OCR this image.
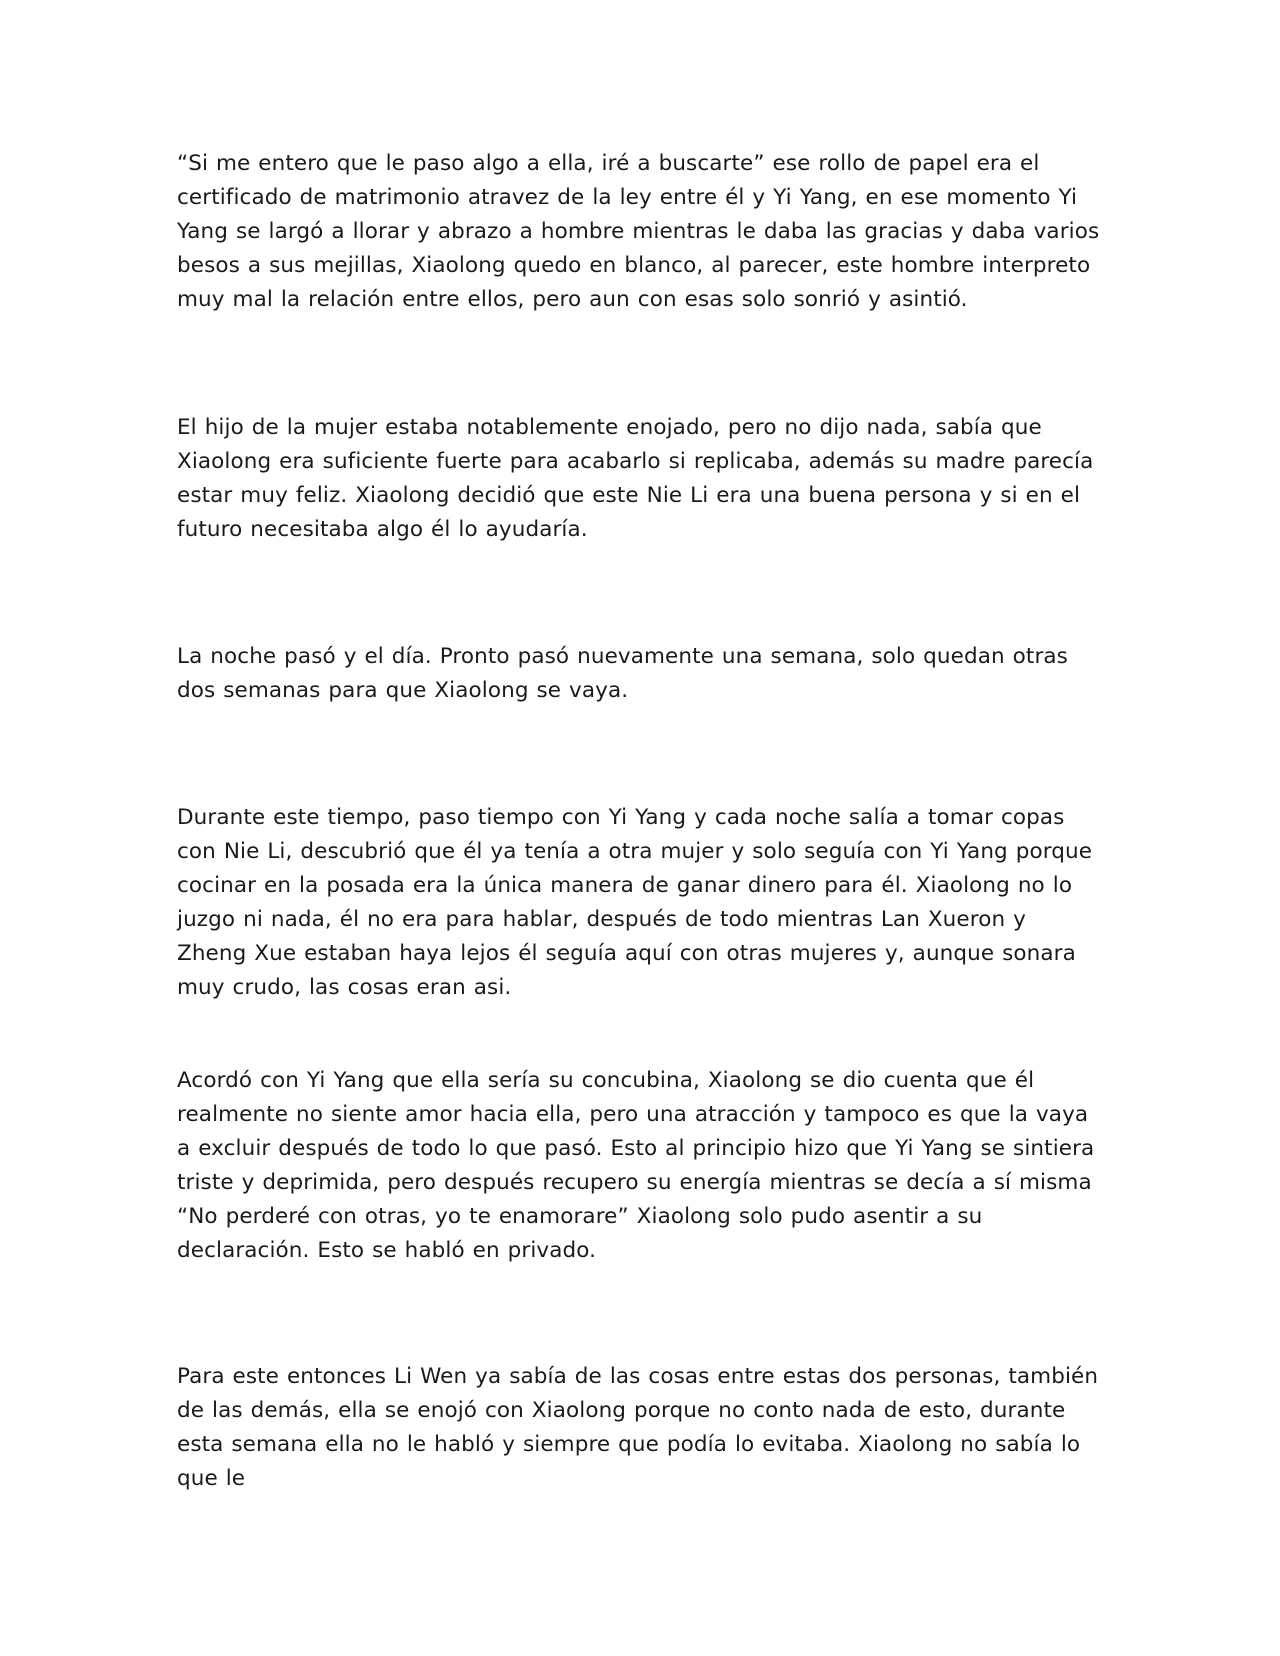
“Si me entero que le paso algo a ella, iré a buscarte” ese rollo de papel era el certificado de matrimonio atravez de la ley entre él y Yi Yang, en ese momento Yi Yang se largó a llorar y abrazo a hombre mientras le daba las gracias y daba varios besos a sus mejillas, Xiaolong quedo en blanco, al parecer, este hombre interpreto muy mal la relación entre ellos, pero aun con esas solo sonrió y asintió.

El hijo de la mujer estaba notablemente enojado, pero no dijo nada, sabía que Xiaolong era suficiente fuerte para acabarlo si replicaba, además su madre parecía estar muy feliz. Xiaolong decidió que este Nie Li era una buena persona y si en el futuro necesitaba algo él lo ayudaría.

La noche pasó y el día. Pronto pasó nuevamente una semana, solo quedan otras dos semanas para que Xiaolong se vaya.

Durante este tiempo, paso tiempo con Yi Yang y cada noche salía a tomar copas con Nie Li, descubrió que él ya tenía a otra mujer y solo seguía con Yi Yang porque cocinar en la posada era la única manera de ganar dinero para él. Xiaolong no lo juzgo ni nada, él no era para hablar, después de todo mientras Lan Xueron y Zheng Xue estaban haya lejos él seguía aquí con otras mujeres y, aunque sonara muy crudo, las cosas eran asi.

Acordó con Yi Yang que ella sería su concubina, Xiaolong se dio cuenta que él realmente no siente amor hacia ella, pero una atracción y tampoco es que la vaya a excluir después de todo lo que pasó. Esto al principio hizo que Yi Yang se sintiera triste y deprimida, pero después recupero su energía mientras se decía a sí misma “No perderé con otras, yo te enamorare” Xiaolong solo pudo asentir a su declaración. Esto se habló en privado.

Para este entonces Li Wen ya sabía de las cosas entre estas dos personas, también de las demás, ella se enojó con Xiaolong porque no conto nada de esto, durante esta semana ella no le habló y siempre que podía lo evitaba. Xiaolong no sabía lo que le
